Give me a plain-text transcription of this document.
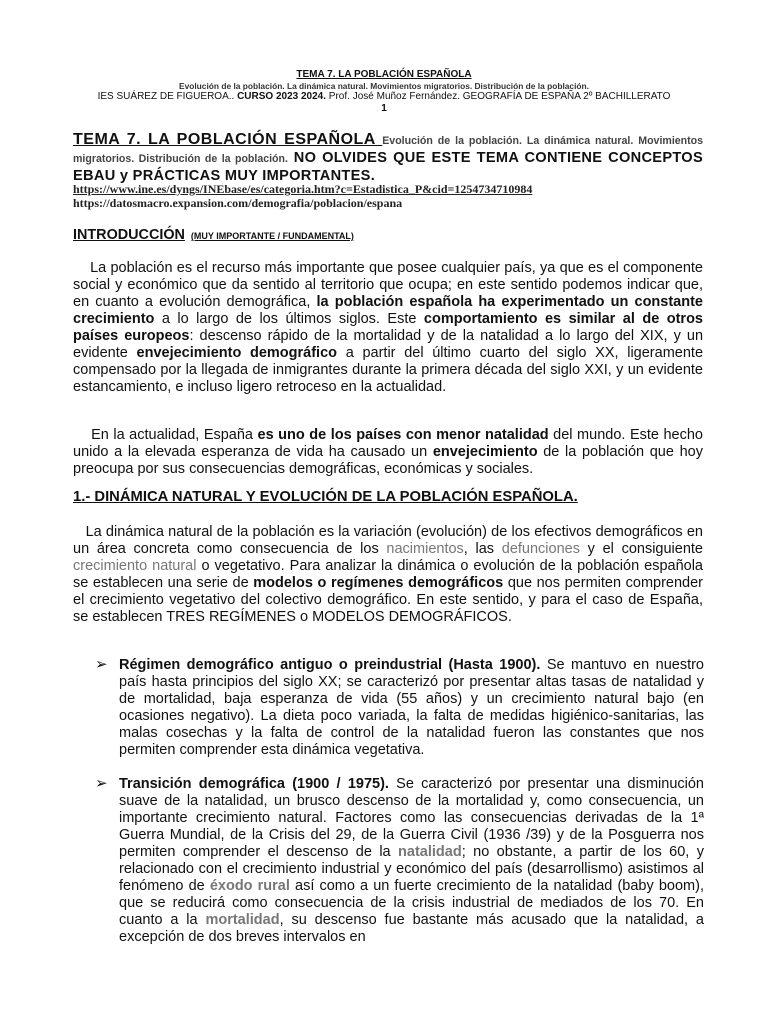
TEMA 7. LA POBLACIÓN ESPAÑOLA
Evolución de la población. La dinámica natural. Movimientos migratorios. Distribución de la población.
IES SUÁREZ DE FIGUEROA.. CURSO 2023 2024. Prof. José Muñoz Fernández. GEOGRAFÍA DE ESPAÑA 2º BACHILLERATO
1
TEMA 7. LA POBLACIÓN ESPAÑOLA Evolución de la población. La dinámica natural. Movimientos migratorios. Distribución de la población. NO OLVIDES QUE ESTE TEMA CONTIENE CONCEPTOS EBAU y PRÁCTICAS MUY IMPORTANTES.
https://www.ine.es/dyngs/INEbase/es/categoria.htm?c=Estadistica_P&cid=1254734710984
https://datosmacro.expansion.com/demografia/poblacion/espana
INTRODUCCIÓN (MUY IMPORTANTE / FUNDAMENTAL)
La población es el recurso más importante que posee cualquier país, ya que es el componente social y económico que da sentido al territorio que ocupa; en este sentido podemos indicar que, en cuanto a evolución demográfica, la población española ha experimentado un constante crecimiento a lo largo de los últimos siglos. Este comportamiento es similar al de otros países europeos: descenso rápido de la mortalidad y de la natalidad a lo largo del XIX, y un evidente envejecimiento demográfico a partir del último cuarto del siglo XX, ligeramente compensado por la llegada de inmigrantes durante la primera década del siglo XXI, y un evidente estancamiento, e incluso ligero retroceso en la actualidad.
En la actualidad, España es uno de los países con menor natalidad del mundo. Este hecho unido a la elevada esperanza de vida ha causado un envejecimiento de la población que hoy preocupa por sus consecuencias demográficas, económicas y sociales.
1.- DINÁMICA NATURAL Y EVOLUCIÓN DE LA POBLACIÓN ESPAÑOLA.
La dinámica natural de la población es la variación (evolución) de los efectivos demográficos en un área concreta como consecuencia de los nacimientos, las defunciones y el consiguiente crecimiento natural o vegetativo. Para analizar la dinámica o evolución de la población española se establecen una serie de modelos o regímenes demográficos que nos permiten comprender el crecimiento vegetativo del colectivo demográfico. En este sentido, y para el caso de España, se establecen TRES REGÍMENES o MODELOS DEMOGRÁFICOS.
➢ Régimen demográfico antiguo o preindustrial (Hasta 1900). Se mantuvo en nuestro país hasta principios del siglo XX; se caracterizó por presentar altas tasas de natalidad y de mortalidad, baja esperanza de vida (55 años) y un crecimiento natural bajo (en ocasiones negativo). La dieta poco variada, la falta de medidas higiénico-sanitarias, las malas cosechas y la falta de control de la natalidad fueron las constantes que nos permiten comprender esta dinámica vegetativa.
➢ Transición demográfica (1900 / 1975). Se caracterizó por presentar una disminución suave de la natalidad, un brusco descenso de la mortalidad y, como consecuencia, un importante crecimiento natural. Factores como las consecuencias derivadas de la 1ª Guerra Mundial, de la Crisis del 29, de la Guerra Civil (1936 /39) y de la Posguerra nos permiten comprender el descenso de la natalidad; no obstante, a partir de los 60, y relacionado con el crecimiento industrial y económico del país (desarrollismo) asistimos al fenómeno de éxodo rural así como a un fuerte crecimiento de la natalidad (baby boom), que se reducirá como consecuencia de la crisis industrial de mediados de los 70. En cuanto a la mortalidad, su descenso fue bastante más acusado que la natalidad, a excepción de dos breves intervalos en
